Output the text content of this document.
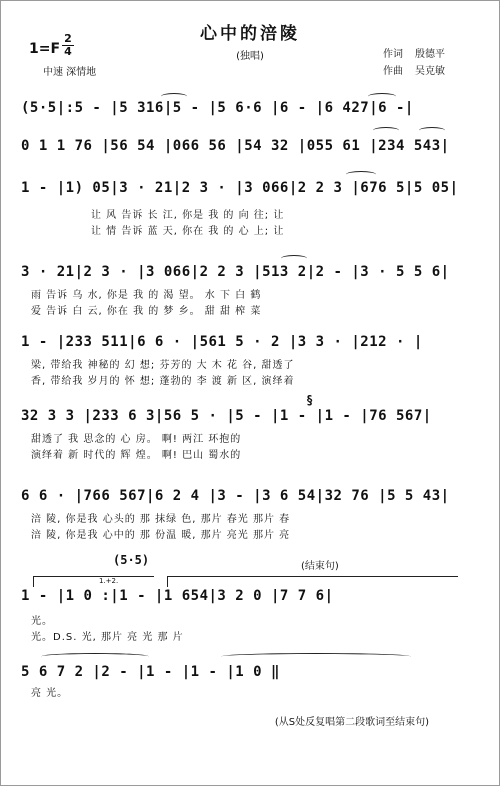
心中的涪陵
(独唱)
1=F
2
4
中速 深情地
作词 殷德平
作曲 吴克敏
(5·5|:5 - |5 316|5 - |5 6·6 |6 - |6 427|6 -|
0 1 1 76 |56 54 |066 56 |54 32 |055 61 |234 543|
1 - |1) 05|3 · 21|2 3 · |3 066|2 2 3 |676 5|5 05|
让 风 告诉 长 江, 你是 我 的 向 往; 让
让 情 告诉 蓝 天, 你在 我 的 心 上; 让
3 · 21|2 3 · |3 066|2 2 3 |513 2|2 - |3 · 5 5 6|
雨 告诉 乌 水, 你是 我 的 渴 望。 水 下 白 鹤
爱 告诉 白 云, 你在 我 的 梦 乡。 甜 甜 榨 菜
1 - |233 511|6 6 · |561 5 · 2 |3 3 · |212 · |
梁, 带给我 神秘的 幻 想; 芬芳的 大 木 花 谷, 甜透了
香, 带给我 岁月的 怀 想; 蓬勃的 李 渡 新 区, 演绎着
§
32 3 3 |233 6 3|56 5 · |5 - |1 - |1 - |76 567|
甜透了 我 思念的 心 房。 啊! 两江 环抱的
演绎着 新 时代的 辉 煌。 啊! 巴山 蜀水的
6 6 · |766 567|6 2 4 |3 - |3 6 54|32 76 |5 5 43|
涪 陵, 你是我 心头的 那 抹绿 色, 那片 春光 那片 春
涪 陵, 你是我 心中的 那 份温 暖, 那片 亮光 那片 亮
(5·5)	(结束句)
1.+2.
1 - |1 0 :|1 - |1 654|3 2 0 |7 7 6|
光。
光。D.S. 光, 那片 亮 光 那 片
5 6 7 2 |2 - |1 - |1 - |1 0 ‖
亮 光。
(从S处反复唱第二段歌词至结束句)
